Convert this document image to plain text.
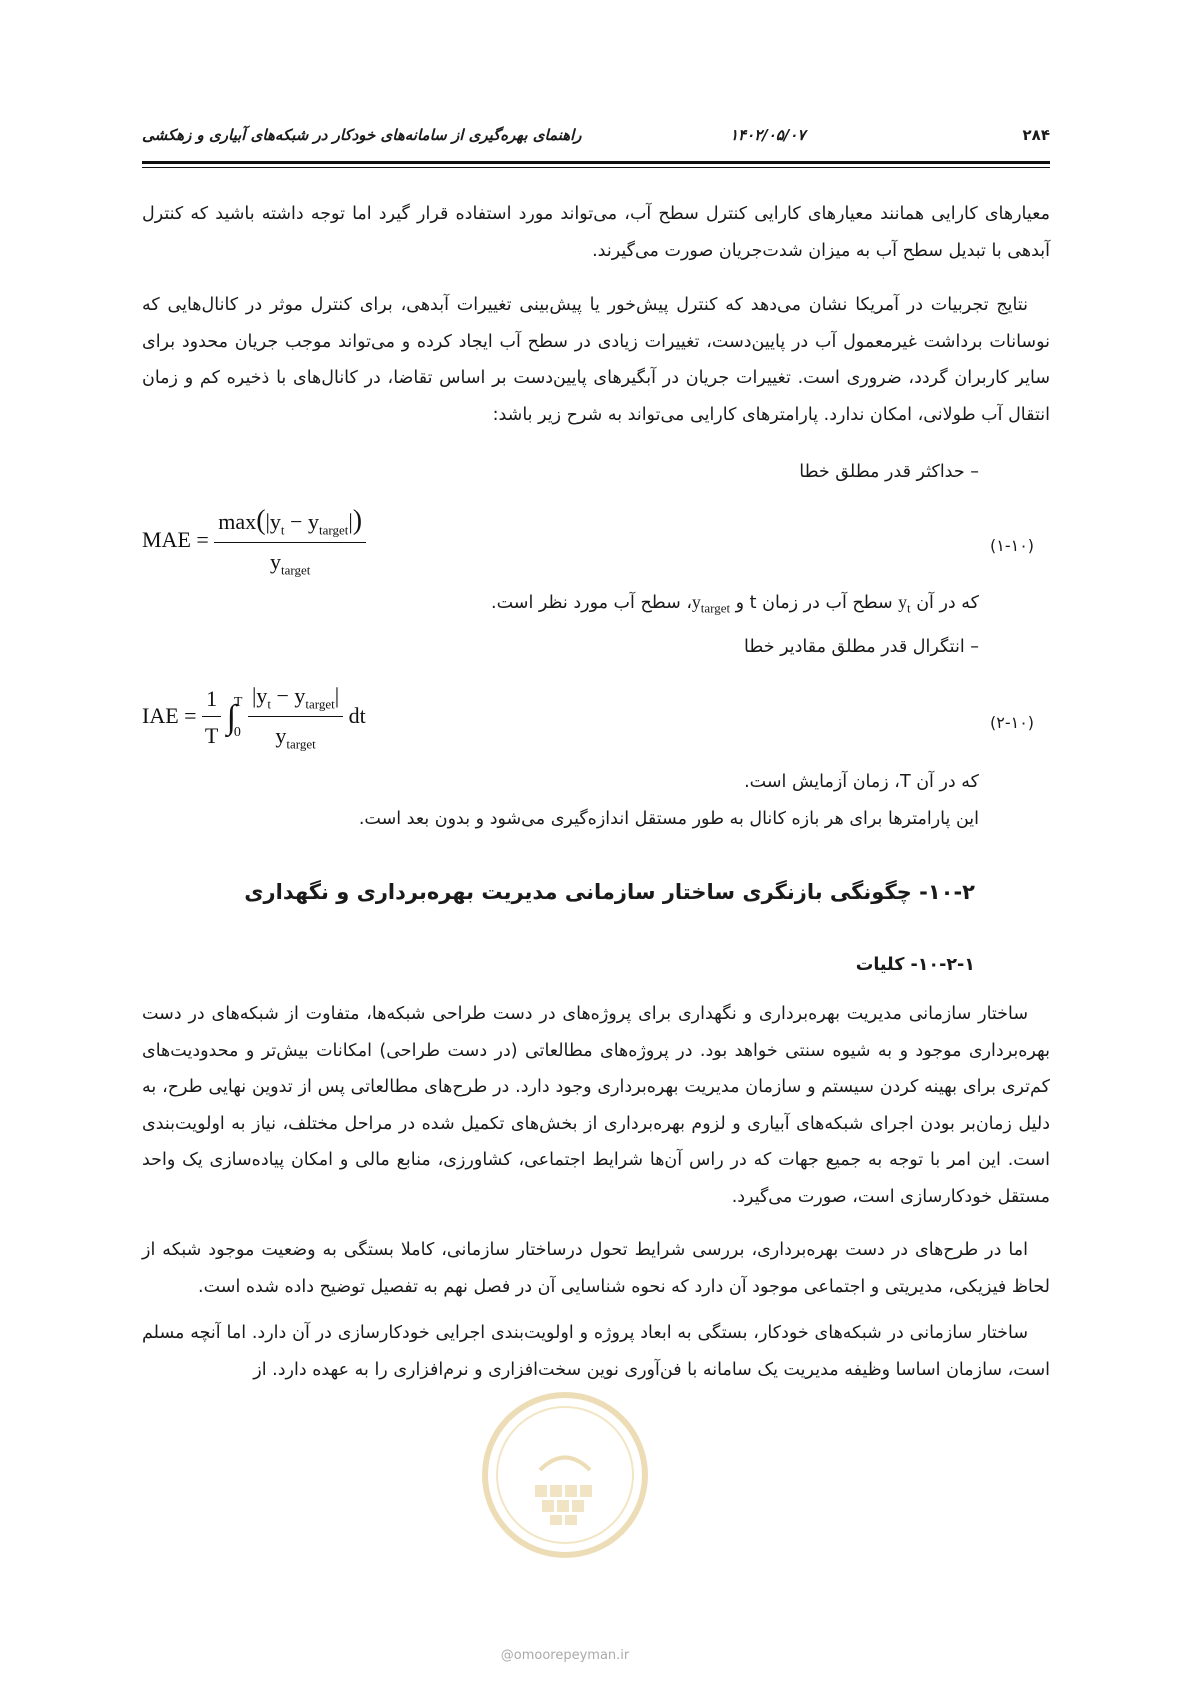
۲۸۴
۱۴۰۲/۰۵/۰۷
راهنمای بهره‌گیری از سامانه‌های خودکار در شبکه‌های آبیاری و زهکشی
معیارهای کارایی همانند معیارهای کارایی کنترل سطح آب، می‌تواند مورد استفاده قرار گیرد اما توجه داشته باشید که کنترل آبدهی با تبدیل سطح آب به میزان شدت‌جریان صورت می‌گیرند.
نتایج تجربیات در آمریکا نشان می‌دهد که کنترل پیش‌خور یا پیش‌بینی تغییرات آبدهی، برای کنترل موثر در کانال‌هایی که نوسانات برداشت غیرمعمول آب در پایین‌دست، تغییرات زیادی در سطح آب ایجاد کرده و می‌تواند موجب جریان محدود برای سایر کاربران گردد، ضروری است. تغییرات جریان در آبگیرهای پایین‌دست بر اساس تقاضا، در کانال‌های با ذخیره کم و زمان انتقال آب طولانی، امکان ندارد. پارامترهای کارایی می‌تواند به شرح زیر باشد:
– حداکثر قدر مطلق خطا
MAE = $\frac{\max(|y_t - y_{target}|)}{y_{target}}$	(۱-۱۰)
که در آن $y_t$ سطح آب در زمان t و $y_{target}،$ سطح آب مورد نظر است.
– انتگرال قدر مطلق مقادیر خطا
IAE = $\frac{1}{T}$ ∫
T
0
$\frac{|y_t - y_{target}|}{y_{target}}$ dt	(۲-۱۰)
که در آن T، زمان آزمایش است.
این پارامترها برای هر بازه کانال به طور مستقل اندازه‌گیری می‌شود و بدون بعد است.
۱۰-۲- چگونگی بازنگری ساختار سازمانی مدیریت بهره‌برداری و نگهداری
۱۰-۲-۱- کلیات
ساختار سازمانی مدیریت بهره‌برداری و نگهداری برای پروژه‌های در دست طراحی شبکه‌ها، متفاوت از شبکه‌های در دست بهره‌برداری موجود و به شیوه سنتی خواهد بود. در پروژه‌های مطالعاتی (در دست طراحی) امکانات بیش‌تر و محدودیت‌های کم‌تری برای بهینه کردن سیستم و سازمان مدیریت بهره‌برداری وجود دارد. در طرح‌های مطالعاتی پس از تدوین نهایی طرح، به دلیل زمان‌بر بودن اجرای شبکه‌های آبیاری و لزوم بهره‌برداری از بخش‌های تکمیل شده در مراحل مختلف، نیاز به اولویت‌بندی است. این امر با توجه به جمیع جهات که در راس آن‌ها شرایط اجتماعی، کشاورزی، منابع مالی و امکان پیاده‌سازی یک واحد مستقل خودکارسازی است، صورت می‌گیرد.
اما در طرح‌های در دست بهره‌برداری، بررسی شرایط تحول درساختار سازمانی، کاملا بستگی به وضعیت موجود شبکه از لحاظ فیزیکی، مدیریتی و اجتماعی موجود آن دارد که نحوه شناسایی آن در فصل نهم به تفصیل توضیح داده شده است.
ساختار سازمانی در شبکه‌های خودکار، بستگی به ابعاد پروژه و اولویت‌بندی اجرایی خودکارسازی در آن دارد. اما آنچه مسلم است، سازمان اساسا وظیفه مدیریت یک سامانه با فن‌آوری نوین سخت‌افزاری و نرم‌افزاری را به عهده دارد. از
@omoorepeyman.ir
